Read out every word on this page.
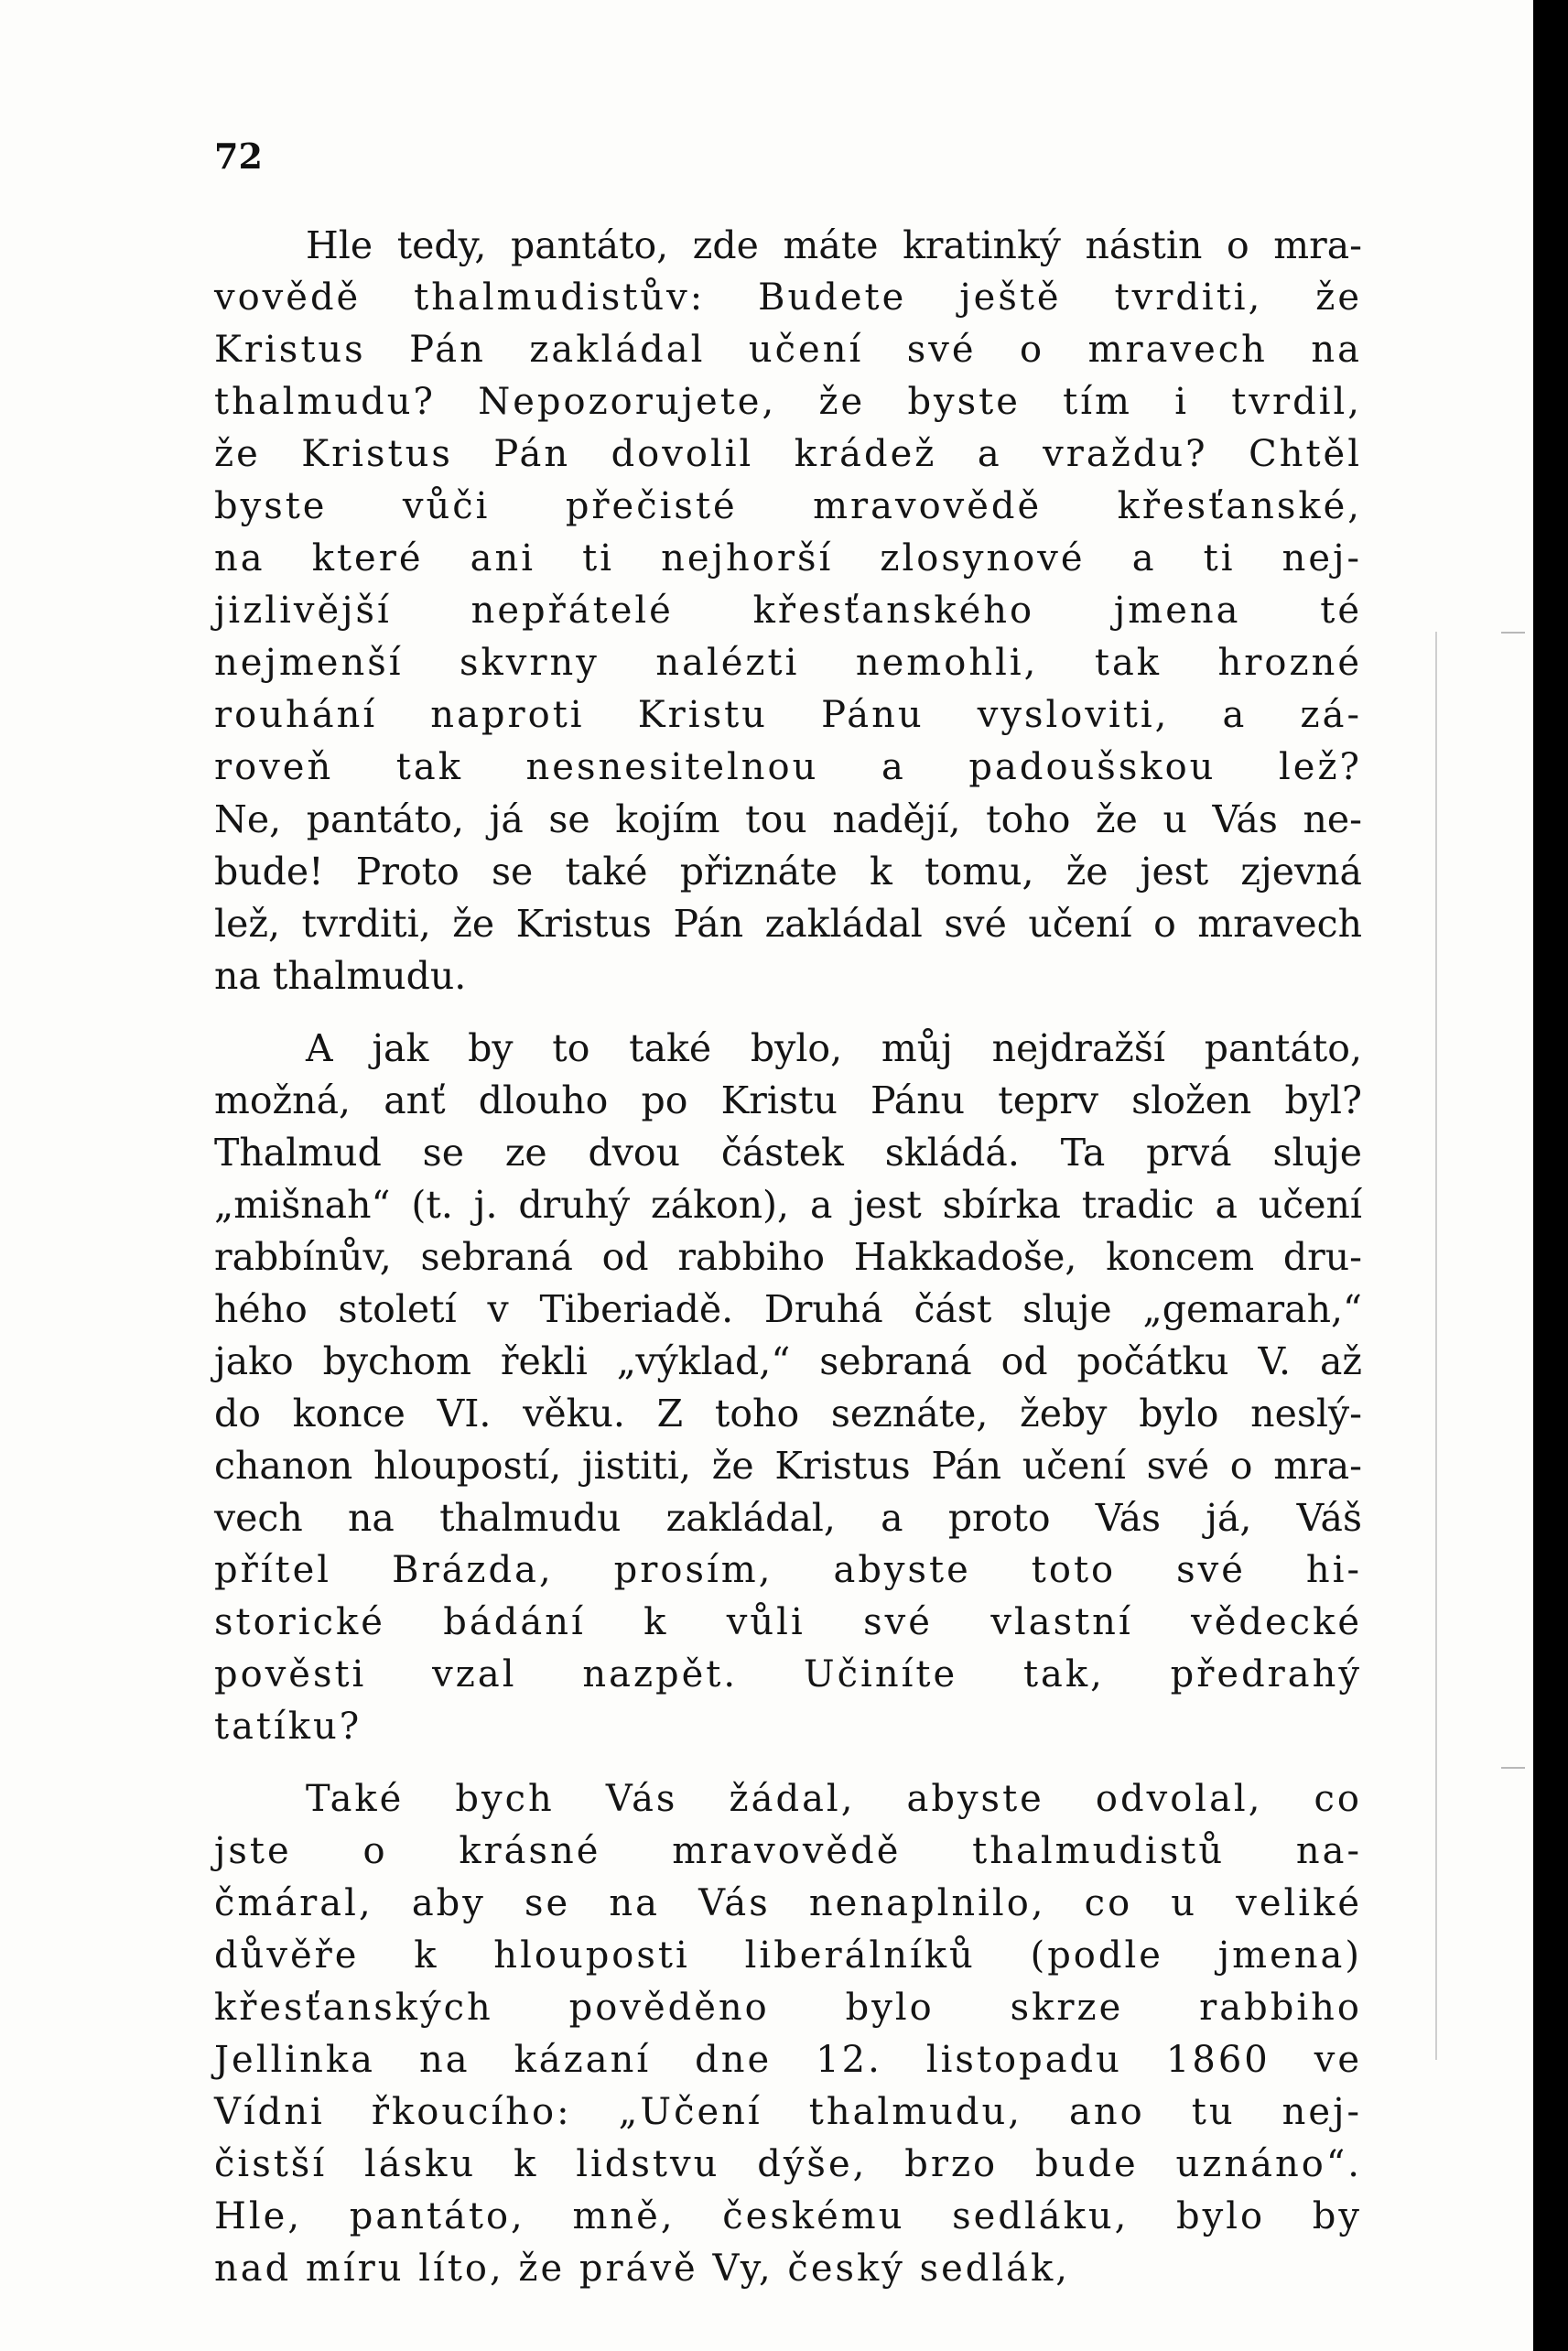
72

Hle tedy, pantáto, zde máte kratinký nástin o mra-
vovědě thalmudistův: Budete ještě tvrditi, že
Kristus Pán zakládal učení své o mravech na
thalmudu? Nepozorujete, že byste tím i tvrdil,
že Kristus Pán dovolil krádež a vraždu? Chtěl
byste vůči přečisté mravovědě křesťanské,
na které ani ti nejhorší zlosynové a ti nej-
jizlivější nepřátelé křesťanského jmena té
nejmenší skvrny nalézti nemohli, tak hrozné
rouhání naproti Kristu Pánu vysloviti, a zá-
roveň tak nesnesitelnou a padoušskou lež?
Ne, pantáto, já se kojím tou nadějí, toho že u Vás ne-
bude! Proto se také přiznáte k tomu, že jest zjevná
lež, tvrditi, že Kristus Pán zakládal své učení o mravech
na thalmudu.
A jak by to také bylo, můj nejdražší pantáto,
možná, anť dlouho po Kristu Pánu teprv složen byl?
Thalmud se ze dvou částek skládá. Ta prvá sluje
„mišnah“ (t. j. druhý zákon), a jest sbírka tradic a učení
rabbínův, sebraná od rabbiho Hakkadoše, koncem dru-
hého století v Tiberiadě. Druhá část sluje „gemarah,“
jako bychom řekli „výklad,“ sebraná od počátku V. až
do konce VI. věku. Z toho seznáte, žeby bylo neslý-
chanon hloupostí, jistiti, že Kristus Pán učení své o mra-
vech na thalmudu zakládal, a proto Vás já, Váš
přítel Brázda, prosím, abyste toto své hi-
storické bádání k vůli své vlastní vědecké
pověsti vzal nazpět. Učiníte tak, předrahý
tatíku?
Také bych Vás žádal, abyste odvolal, co
jste o krásné mravovědě thalmudistů na-
čmáral, aby se na Vás nenaplnilo, co u veliké
důvěře k hlouposti liberálníků (podle jmena)
křesťanských pověděno bylo skrze rabbiho
Jellinka na kázaní dne 12. listopadu 1860 ve
Vídni řkoucího: „Učení thalmudu, ano tu nej-
čistší lásku k lidstvu dýše, brzo bude uznáno“.
Hle, pantáto, mně, českému sedláku, bylo by
nad míru líto, že právě Vy, český sedlák,
